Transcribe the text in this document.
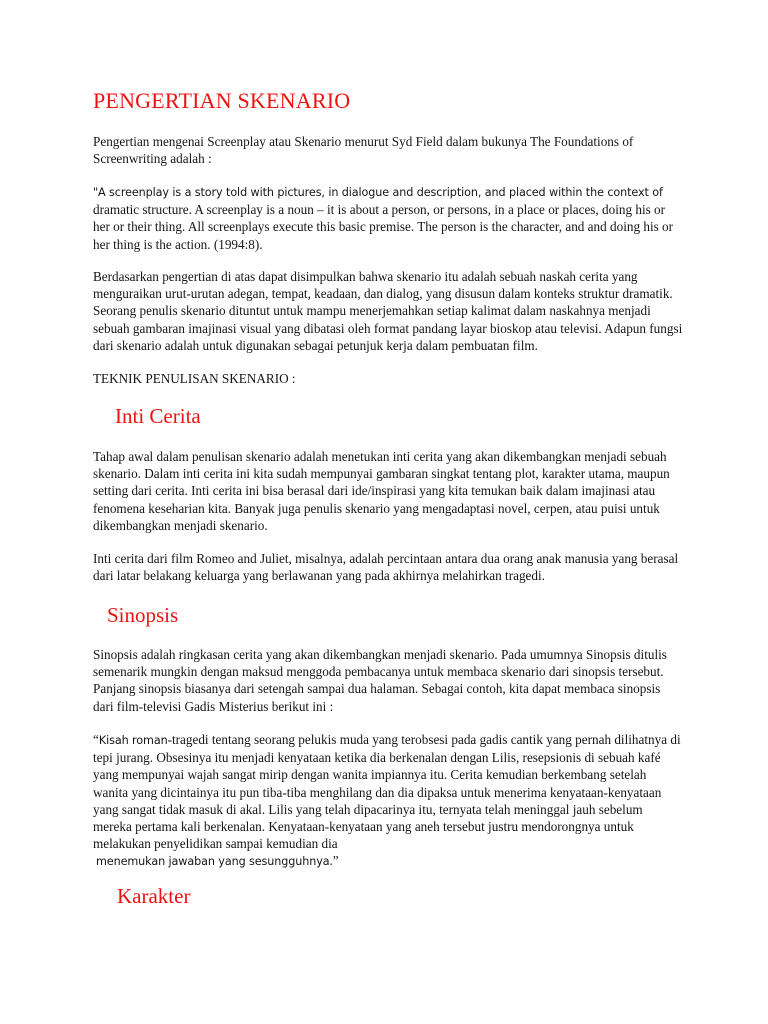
PENGERTIAN SKENARIO

Pengertian mengenai Screenplay atau Skenario menurut Syd Field dalam bukunya The Foundations of Screenwriting adalah :

"A screenplay is a story told with pictures, in dialogue and description, and placed within the context of dramatic structure. A screenplay is a noun – it is about a person, or persons, in a place or places, doing his or her or their thing. All screenplays execute this basic premise. The person is the character, and and doing his or her thing is the action. (1994:8).

Berdasarkan pengertian di atas dapat disimpulkan bahwa skenario itu adalah sebuah naskah cerita yang menguraikan urut-urutan adegan, tempat, keadaan, dan dialog, yang disusun dalam konteks struktur dramatik. Seorang penulis skenario dituntut untuk mampu menerjemahkan setiap kalimat dalam naskahnya menjadi sebuah gambaran imajinasi visual yang dibatasi oleh format pandang layar bioskop atau televisi. Adapun fungsi dari skenario adalah untuk digunakan sebagai petunjuk kerja dalam pembuatan film.

TEKNIK PENULISAN SKENARIO :

Inti Cerita

Tahap awal dalam penulisan skenario adalah menetukan inti cerita yang akan dikembangkan menjadi sebuah skenario. Dalam inti cerita ini kita sudah mempunyai gambaran singkat tentang plot, karakter utama, maupun setting dari cerita. Inti cerita ini bisa berasal dari ide/inspirasi yang kita temukan baik dalam imajinasi atau fenomena keseharian kita. Banyak juga penulis skenario yang mengadaptasi novel, cerpen, atau puisi untuk dikembangkan menjadi skenario.

Inti cerita dari film Romeo and Juliet, misalnya, adalah percintaan antara dua orang anak manusia yang berasal dari latar belakang keluarga yang berlawanan yang pada akhirnya melahirkan tragedi.

Sinopsis

Sinopsis adalah ringkasan cerita yang akan dikembangkan menjadi skenario. Pada umumnya Sinopsis ditulis semenarik mungkin dengan maksud menggoda pembacanya untuk membaca skenario dari sinopsis tersebut. Panjang sinopsis biasanya dari setengah sampai dua halaman. Sebagai contoh, kita dapat membaca sinopsis dari film-televisi Gadis Misterius berikut ini :

“Kisah roman-tragedi tentang seorang pelukis muda yang terobsesi pada gadis cantik yang pernah dilihatnya di tepi jurang. Obsesinya itu menjadi kenyataan ketika dia berkenalan dengan Lilis, resepsionis di sebuah kafé yang mempunyai wajah sangat mirip dengan wanita impiannya itu. Cerita kemudian berkembang setelah wanita yang dicintainya itu pun tiba-tiba menghilang dan dia dipaksa untuk menerima kenyataan-kenyataan yang sangat tidak masuk di akal. Lilis yang telah dipacarinya itu, ternyata telah meninggal jauh sebelum mereka pertama kali berkenalan. Kenyataan-kenyataan yang aneh tersebut justru mendorongnya untuk melakukan penyelidikan sampai kemudian dia
menemukan jawaban yang sesungguhnya.”

Karakter
